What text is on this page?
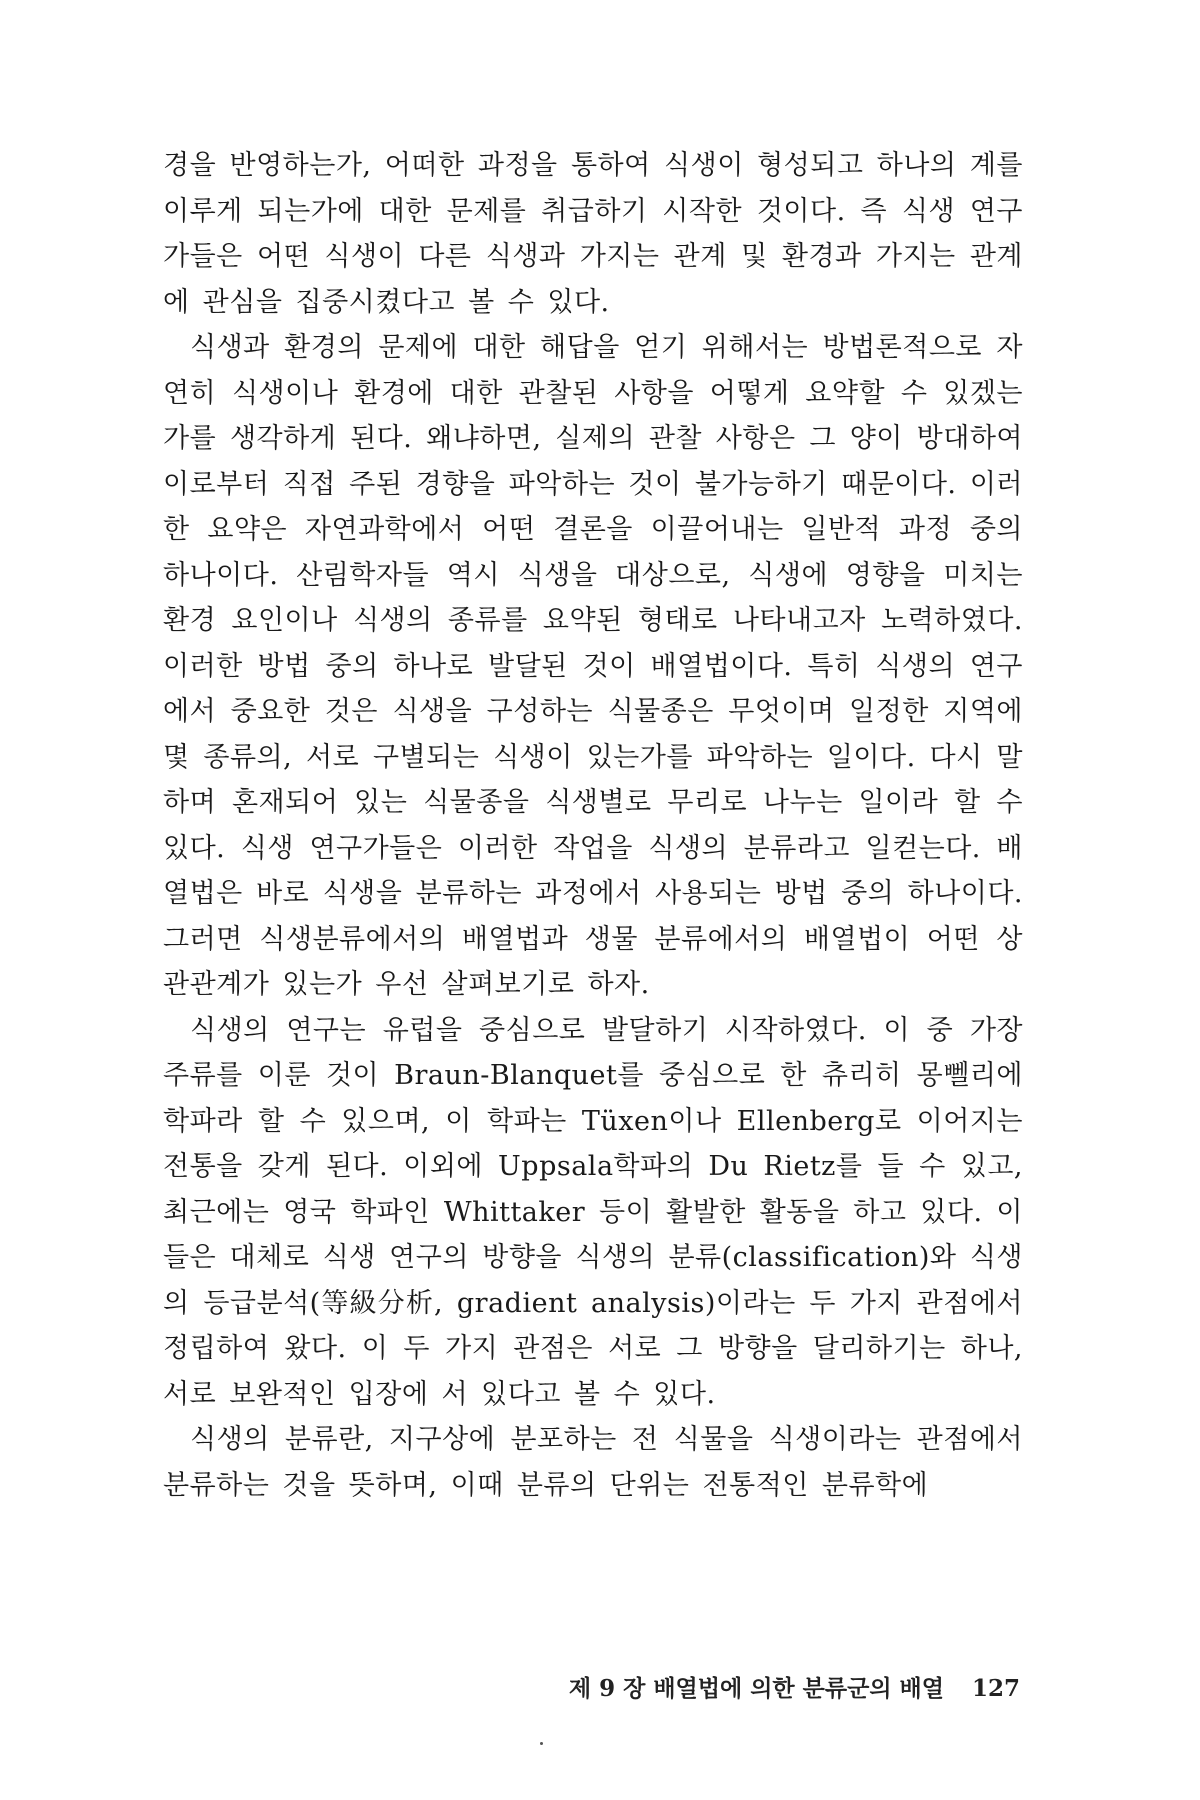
경을 반영하는가, 어떠한 과정을 통하여 식생이 형성되고 하나의 계를 이루게 되는가에 대한 문제를 취급하기 시작한 것이다. 즉 식생 연구가들은 어떤 식생이 다른 식생과 가지는 관계 및 환경과 가지는 관계에 관심을 집중시켰다고 볼 수 있다.

식생과 환경의 문제에 대한 해답을 얻기 위해서는 방법론적으로 자연히 식생이나 환경에 대한 관찰된 사항을 어떻게 요약할 수 있겠는가를 생각하게 된다. 왜냐하면, 실제의 관찰 사항은 그 양이 방대하여 이로부터 직접 주된 경향을 파악하는 것이 불가능하기 때문이다. 이러한 요약은 자연과학에서 어떤 결론을 이끌어내는 일반적 과정 중의 하나이다. 산림학자들 역시 식생을 대상으로, 식생에 영향을 미치는 환경 요인이나 식생의 종류를 요약된 형태로 나타내고자 노력하였다. 이러한 방법 중의 하나로 발달된 것이 배열법이다. 특히 식생의 연구에서 중요한 것은 식생을 구성하는 식물종은 무엇이며 일정한 지역에 몇 종류의, 서로 구별되는 식생이 있는가를 파악하는 일이다. 다시 말하며 혼재되어 있는 식물종을 식생별로 무리로 나누는 일이라 할 수 있다. 식생 연구가들은 이러한 작업을 식생의 분류라고 일컫는다. 배열법은 바로 식생을 분류하는 과정에서 사용되는 방법 중의 하나이다. 그러면 식생분류에서의 배열법과 생물 분류에서의 배열법이 어떤 상관관계가 있는가 우선 살펴보기로 하자.

식생의 연구는 유럽을 중심으로 발달하기 시작하였다. 이 중 가장 주류를 이룬 것이 Braun-Blanquet를 중심으로 한 츄리히 몽뻴리에 학파라 할 수 있으며, 이 학파는 Tüxen이나 Ellenberg로 이어지는 전통을 갖게 된다. 이외에 Uppsala학파의 Du Rietz를 들 수 있고, 최근에는 영국 학파인 Whittaker 등이 활발한 활동을 하고 있다. 이들은 대체로 식생 연구의 방향을 식생의 분류(classification)와 식생의 등급분석(等級分析, gradient analysis)이라는 두 가지 관점에서 정립하여 왔다. 이 두 가지 관점은 서로 그 방향을 달리하기는 하나, 서로 보완적인 입장에 서 있다고 볼 수 있다.

식생의 분류란, 지구상에 분포하는 전 식물을 식생이라는 관점에서 분류하는 것을 뜻하며, 이때 분류의 단위는 전통적인 분류학에

제 9 장 배열법에 의한 분류군의 배열 127
